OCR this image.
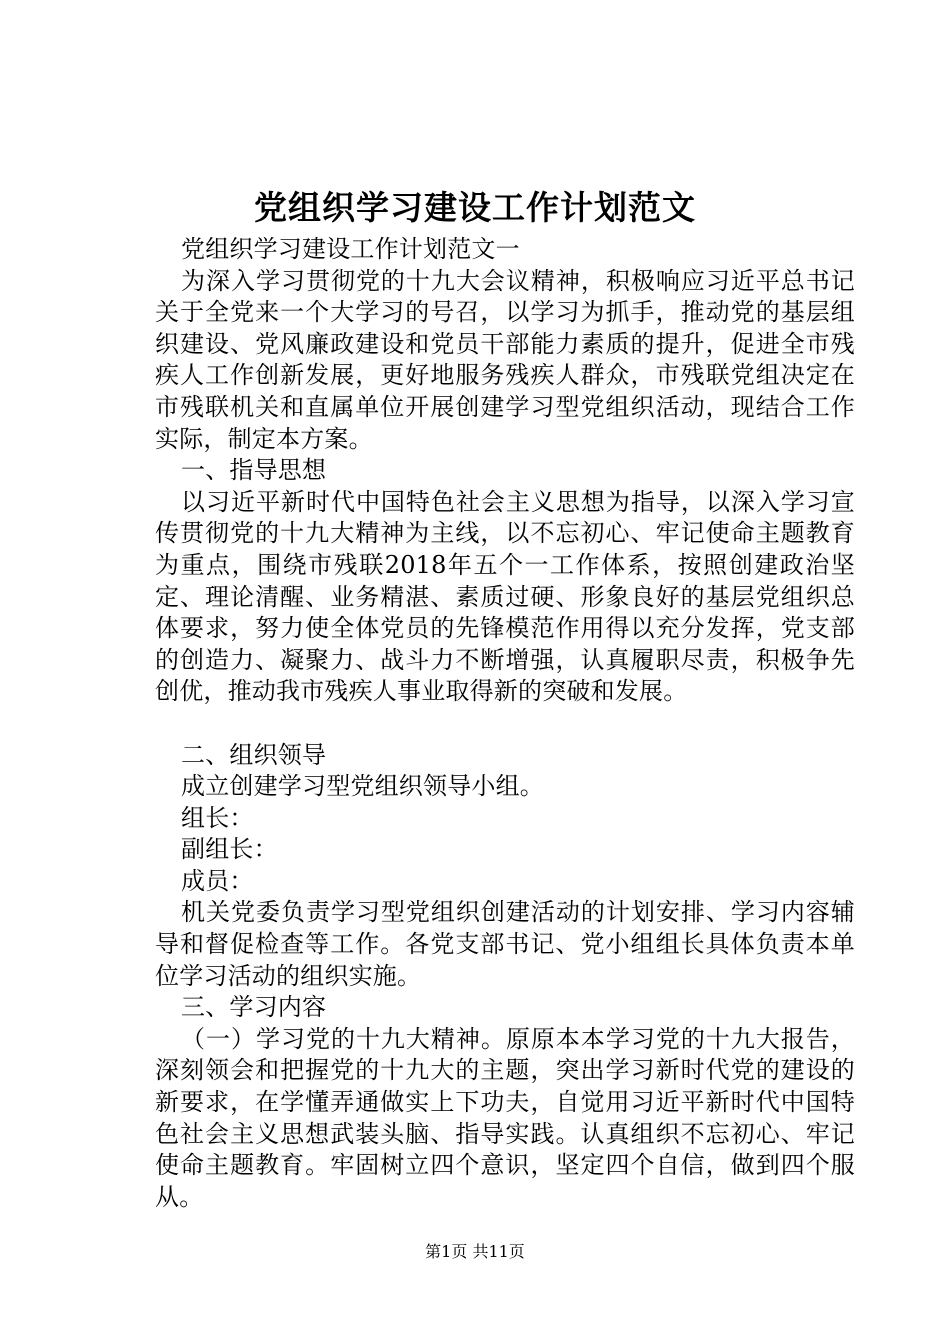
党组织学习建设工作计划范文

党组织学习建设工作计划范文一

为深入学习贯彻党的十九大会议精神，积极响应习近平总书记关于全党来一个大学习的号召，以学习为抓手，推动党的基层组织建设、党风廉政建设和党员干部能力素质的提升，促进全市残疾人工作创新发展，更好地服务残疾人群众，市残联党组决定在市残联机关和直属单位开展创建学习型党组织活动，现结合工作实际，制定本方案。

一、指导思想

以习近平新时代中国特色社会主义思想为指导，以深入学习宣传贯彻党的十九大精神为主线，以不忘初心、牢记使命主题教育为重点，围绕市残联2018年五个一工作体系，按照创建政治坚定、理论清醒、业务精湛、素质过硬、形象良好的基层党组织总体要求，努力使全体党员的先锋模范作用得以充分发挥，党支部的创造力、凝聚力、战斗力不断增强，认真履职尽责，积极争先创优，推动我市残疾人事业取得新的突破和发展。

二、组织领导

成立创建学习型党组织领导小组。

组长：

副组长：

成员：

机关党委负责学习型党组织创建活动的计划安排、学习内容辅导和督促检查等工作。各党支部书记、党小组组长具体负责本单位学习活动的组织实施。

三、学习内容

（一）学习党的十九大精神。原原本本学习党的十九大报告，深刻领会和把握党的十九大的主题，突出学习新时代党的建设的新要求，在学懂弄通做实上下功夫，自觉用习近平新时代中国特色社会主义思想武装头脑、指导实践。认真组织不忘初心、牢记使命主题教育。牢固树立四个意识，坚定四个自信，做到四个服从。

第1页 共11页
